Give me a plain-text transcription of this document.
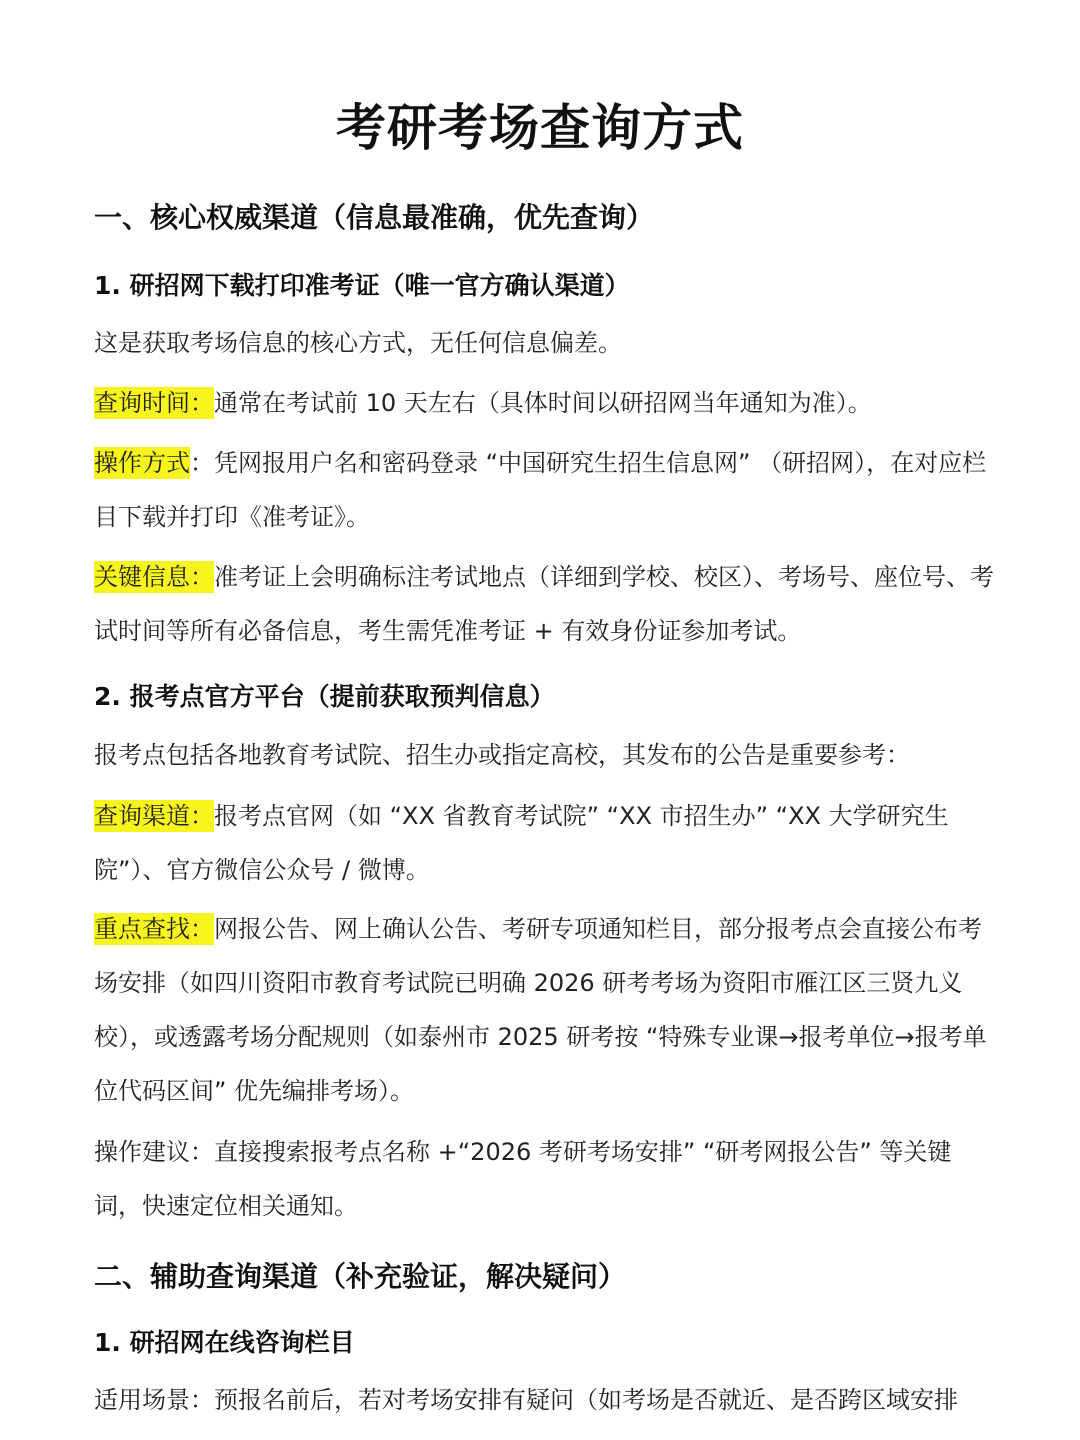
考研考场查询方式
一、核心权威渠道（信息最准确，优先查询）
1. 研招网下载打印准考证（唯一官方确认渠道）
这是获取考场信息的核心方式，无任何信息偏差。
查询时间：通常在考试前 10 天左右（具体时间以研招网当年通知为准）。
操作方式：凭网报用户名和密码登录 “中国研究生招生信息网” （研招网），在对应栏目下载并打印《准考证》。
关键信息：准考证上会明确标注考试地点（详细到学校、校区）、考场号、座位号、考试时间等所有必备信息，考生需凭准考证 + 有效身份证参加考试。
2. 报考点官方平台（提前获取预判信息）
报考点包括各地教育考试院、招生办或指定高校，其发布的公告是重要参考：
查询渠道：报考点官网（如 “XX 省教育考试院” “XX 市招生办” “XX 大学研究生院”）、官方微信公众号 / 微博。
重点查找：网报公告、网上确认公告、考研专项通知栏目，部分报考点会直接公布考场安排（如四川资阳市教育考试院已明确 2026 研考考场为资阳市雁江区三贤九义校），或透露考场分配规则（如泰州市 2025 研考按 “特殊专业课→报考单位→报考单位代码区间” 优先编排考场）。
操作建议：直接搜索报考点名称 +“2026 考研考场安排” “研考网报公告” 等关键词，快速定位相关通知。
二、辅助查询渠道（补充验证，解决疑问）
1. 研招网在线咨询栏目
适用场景：预报名前后，若对考场安排有疑问（如考场是否就近、是否跨区域安排
